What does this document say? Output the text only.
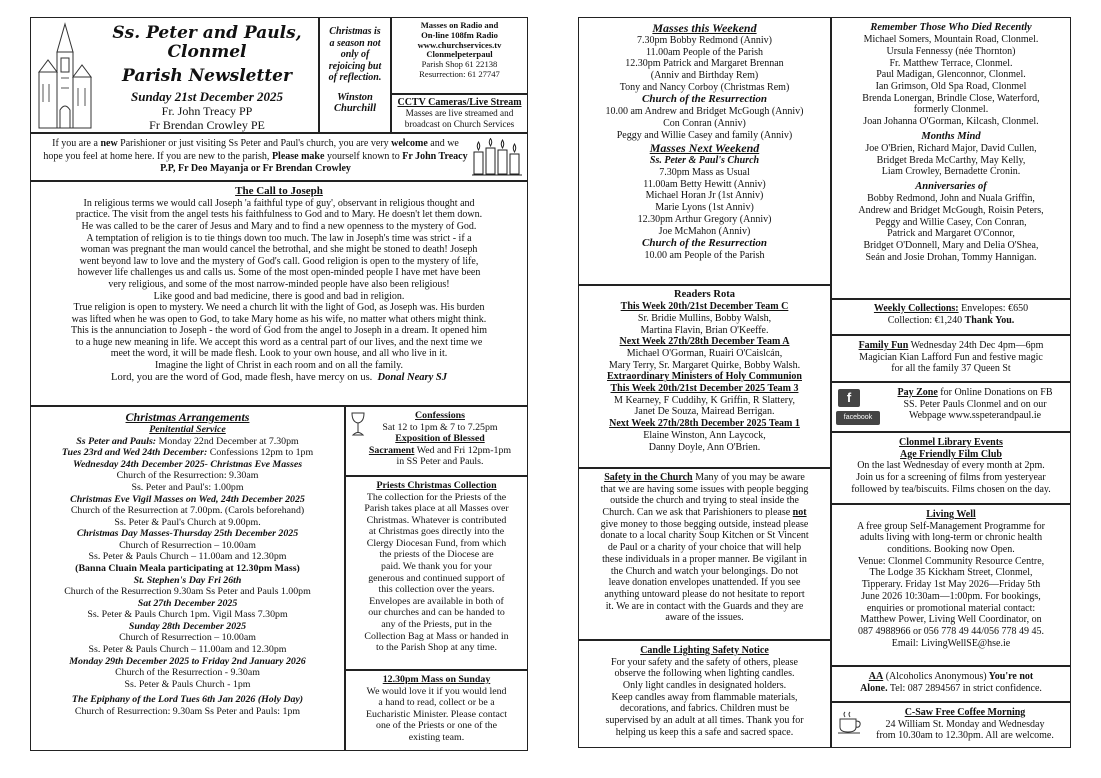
Ss. Peter and Pauls, Clonmel
Parish Newsletter
Sunday 21st December 2025
Fr. John Treacy PP
Fr Brendan Crowley PE
Christmas is
a season not
only of
rejoicing but
of reflection.
Winston
Churchill
Masses on Radio and
On-line 108fm Radio
www.churchservices.tv
Clonmelpeterpaul
Parish Shop 61 22138
Resurrection: 61 27747
CCTV Cameras/Live Stream
Masses are live streamed and
broadcast on Church Services
If you are a new Parishioner or just visiting Ss Peter and Paul's church, you are very welcome and we hope you feel at home here. If you are new to the parish, Please make yourself known to Fr John Treacy P.P, Fr Deo Mayanja or Fr Brendan Crowley
The Call to Joseph
In religious terms we would call Joseph 'a faithful type of guy', observant in religious thought and
practice. The visit from the angel tests his faithfulness to God and to Mary. He doesn't let them down.
He was called to be the carer of Jesus and Mary and to find a new openness to the mystery of God.
A temptation of religion is to tie things down too much. The law in Joseph's time was strict - if a
woman was pregnant the man would cancel the betrothal, and she might be stoned to death! Joseph
went beyond law to love and the mystery of God's call. Good religion is open to the mystery of life,
however life challenges us and calls us. Some of the most open-minded people I have met have been
very religious, and some of the most narrow-minded people have also been religious!
Like good and bad medicine, there is good and bad in religion.
True religion is open to mystery. We need a church lit with the light of God, as Joseph was. His burden
was lifted when he was open to God, to take Mary home as his wife, no matter what others might think.
This is the annunciation to Joseph - the word of God from the angel to Joseph in a dream. It opened him
to a huge new meaning in life. We accept this word as a central part of our lives, and the next time we
meet the word, it will be made flesh. Look to your own house, and all who live in it.
Imagine the light of Christ in each room and on all the family.
Lord, you are the word of God, made flesh, have mercy on us. Donal Neary SJ
Christmas Arrangements
Penitential Service
Ss Peter and Pauls: Monday 22nd December at 7.30pm
Tues 23rd and Wed 24th December: Confessions 12pm to 1pm
Wednesday 24th December 2025- Christmas Eve Masses
Church of the Resurrection: 9.30am
Ss. Peter and Paul's: 1.00pm
Christmas Eve Vigil Masses on Wed, 24th December 2025
Church of the Resurrection at 7.00pm. (Carols beforehand)
Ss. Peter & Paul's Church at 9.00pm.
Christmas Day Masses-Thursday 25th December 2025
Church of Resurrection – 10.00am
Ss. Peter & Pauls Church – 11.00am and 12.30pm
(Banna Cluain Meala participating at 12.30pm Mass)
St. Stephen's Day Fri 26th
Church of the Resurrection 9.30am Ss Peter and Pauls 1.00pm
Sat 27th December 2025
Ss. Peter & Pauls Church 1pm. Vigil Mass 7.30pm
Sunday 28th December 2025
Church of Resurrection – 10.00am
Ss. Peter & Pauls Church – 11.00am and 12.30pm
Monday 29th December 2025 to Friday 2nd January 2026
Church of the Resurrection - 9.30am
Ss. Peter & Pauls Church - 1pm
The Epiphany of the Lord Tues 6th Jan 2026 (Holy Day)
Church of Resurrection: 9.30am Ss Peter and Pauls: 1pm
Confessions
Sat 12 to 1pm & 7 to 7.25pm
Exposition of Blessed
Sacrament Wed and Fri 12pm-1pm
in SS Peter and Pauls.
Priests Christmas Collection
The collection for the Priests of the
Parish takes place at all Masses over
Christmas. Whatever is contributed
at Christmas goes directly into the
Clergy Diocesan Fund, from which
the priests of the Diocese are
paid. We thank you for your
generous and continued support of
this collection over the years.
Envelopes are available in both of
our churches and can be handed to
any of the Priests, put in the
Collection Bag at Mass or handed in
to the Parish Shop at any time.
12.30pm Mass on Sunday
We would love it if you would lend
a hand to read, collect or be a
Eucharistic Minister. Please contact
one of the Priests or one of the
existing team.
Masses this Weekend
7.30pm Bobby Redmond (Anniv)
11.00am People of the Parish
12.30pm Patrick and Margaret Brennan
(Anniv and Birthday Rem)
Tony and Nancy Corboy (Christmas Rem)
Church of the Resurrection
10.00 am Andrew and Bridget McGough (Anniv)
Con Conran (Anniv)
Peggy and Willie Casey and family (Anniv)
Masses Next Weekend
Ss. Peter & Paul's Church
7.30pm Mass as Usual
11.00am Betty Hewitt (Anniv)
Michael Horan Jr (1st Anniv)
Marie Lyons (1st Anniv)
12.30pm Arthur Gregory (Anniv)
Joe McMahon (Anniv)
Church of the Resurrection
10.00 am People of the Parish
Readers Rota
This Week 20th/21st December Team C
Sr. Bridie Mullins, Bobby Walsh,
Martina Flavin, Brian O'Keeffe.
Next Week 27th/28th December Team A
Michael O'Gorman, Ruairi O'Caislcán,
Mary Terry, Sr. Margaret Quirke, Bobby Walsh.
Extraordinary Ministers of Holy Communion
This Week 20th/21st December 2025 Team 3
M Kearney, F Cuddihy, K Griffin, R Slattery,
Janet De Souza, Mairead Berrigan.
Next Week 27th/28th December 2025 Team 1
Elaine Winston, Ann Laycock,
Danny Doyle, Ann O'Brien.
Safety in the Church Many of you may be aware
that we are having some issues with people begging
outside the church and trying to steal inside the
Church. Can we ask that Parishioners to please not
give money to those begging outside, instead please
donate to a local charity Soup Kitchen or St Vincent
de Paul or a charity of your choice that will help
these individuals in a proper manner. Be vigilant in
the Church and watch your belongings. Do not
leave donation envelopes unattended. If you see
anything untoward please do not hesitate to report
it. We are in contact with the Guards and they are
aware of the issues.
Candle Lighting Safety Notice
For your safety and the safety of others, please
observe the following when lighting candles.
Only light candles in designated holders.
Keep candles away from flammable materials,
decorations, and fabrics. Children must be
supervised by an adult at all times. Thank you for
helping us keep this a safe and sacred space.
Remember Those Who Died Recently
Michael Somers, Mountain Road, Clonmel.
Ursula Fennessy (née Thornton)
Fr. Matthew Terrace, Clonmel.
Paul Madigan, Glenconnor, Clonmel.
Ian Grimson, Old Spa Road, Clonmel
Brenda Lonergan, Brindle Close, Waterford,
formerly Clonmel.
Joan Johanna O'Gorman, Kilcash, Clonmel.
Months Mind
Joe O'Brien, Richard Major, David Cullen,
Bridget Breda McCarthy, May Kelly,
Liam Crowley, Bernadette Cronin.
Anniversaries of
Bobby Redmond, John and Nuala Griffin,
Andrew and Bridget McGough, Roisin Peters,
Peggy and Willie Casey, Con Conran,
Patrick and Margaret O'Connor,
Bridget O'Donnell, Mary and Delia O'Shea,
Seán and Josie Drohan, Tommy Hannigan.
Weekly Collections: Envelopes: €650
Collection: €1,240 Thank You.
Family Fun Wednesday 24th Dec 4pm—6pm
Magician Kian Lafford Fun and festive magic
for all the family 37 Queen St
f
facebook
Pay Zone for Online Donations on FB
SS. Peter Pauls Clonmel and on our
Webpage www.sspeterandpaul.ie
Clonmel Library Events
Age Friendly Film Club
On the last Wednesday of every month at 2pm.
Join us for a screening of films from yesteryear
followed by tea/biscuits. Films chosen on the day.
Living Well
A free group Self-Management Programme for
adults living with long-term or chronic health
conditions. Booking now Open.
Venue: Clonmel Community Resource Centre,
The Lodge 35 Kickham Street, Clonmel,
Tipperary. Friday 1st May 2026—Friday 5th
June 2026 10:30am—1:00pm. For bookings,
enquiries or promotional material contact:
Matthew Power, Living Well Coordinator, on
087 4988966 or 056 778 49 44/056 778 49 45.
Email: LivingWellSE@hse.ie
AA (Alcoholics Anonymous) You're not
Alone. Tel: 087 2894567 in strict confidence.
C-Saw Free Coffee Morning
24 William St. Monday and Wednesday
from 10.30am to 12.30pm. All are welcome.
